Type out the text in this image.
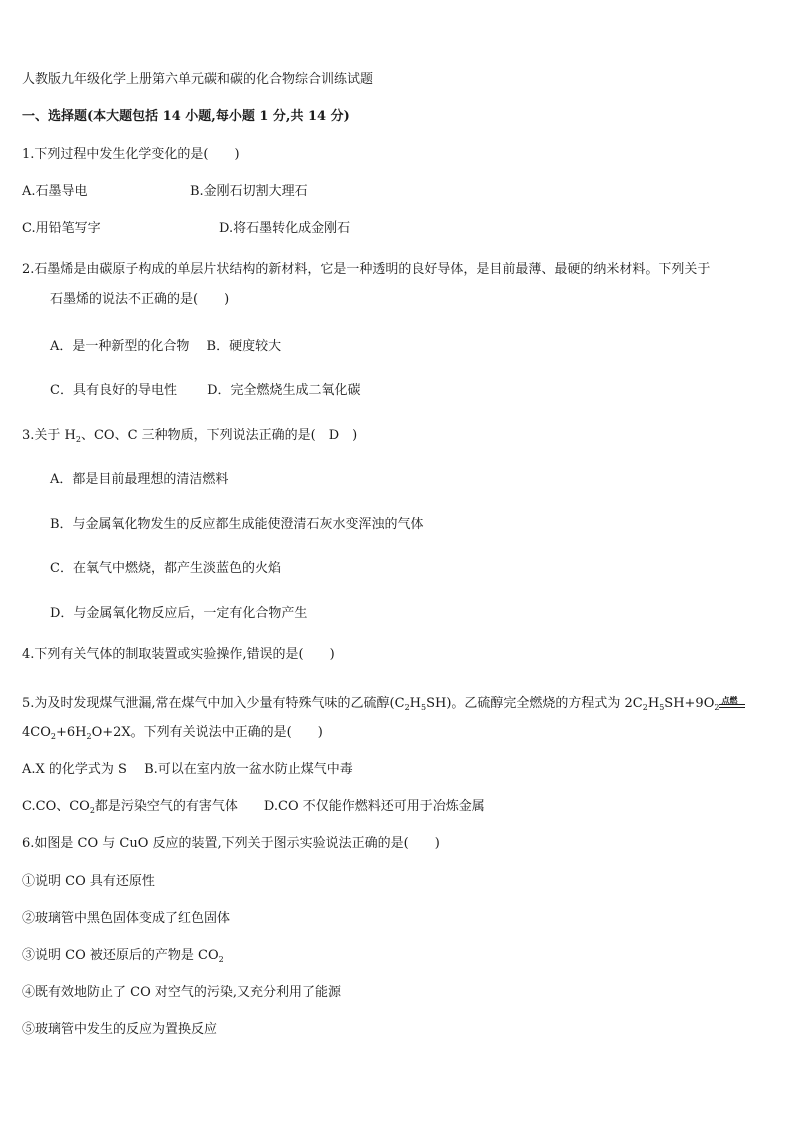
人教版九年级化学上册第六单元碳和碳的化合物综合训练试题
一、选择题(本大题包括 14 小题,每小题 1 分,共 14 分)
1.下列过程中发生化学变化的是(　　)
A.石墨导电	B.金刚石切割大理石
C.用铅笔写字	D.将石墨转化成金刚石
2.石墨烯是由碳原子构成的单层片状结构的新材料，它是一种透明的良好导体，是目前最薄、最硬的纳米材料。下列关于
石墨烯的说法不正确的是(　　)
A．是一种新型的化合物　 B．硬度较大
C．具有良好的导电性　　 D．完全燃烧生成二氧化碳
3.关于 $H_2$、CO、C 三种物质，下列说法正确的是(　D　)
A．都是目前最理想的清洁燃料
B．与金属氧化物发生的反应都生成能使澄清石灰水变浑浊的气体
C．在氧气中燃烧，都产生淡蓝色的火焰
D．与金属氧化物反应后，一定有化合物产生
4.下列有关气体的制取装置或实验操作,错误的是(　　)
5.为及时发现煤气泄漏,常在煤气中加入少量有特殊气味的乙硫醇$(C_2H_5SH)$。乙硫醇完全燃烧的方程式为 $2C_2H_5SH+9O_2$
点燃
$4CO_2+6H_2O+2X$。下列有关说法中正确的是(　　)
A.X 的化学式为 S　 B.可以在室内放一盆水防止煤气中毒
C.CO、$CO_2$都是污染空气的有害气体　　D.CO 不仅能作燃料还可用于冶炼金属
6.如图是 CO 与 CuO 反应的装置,下列关于图示实验说法正确的是(　　)
①说明 CO 具有还原性
②玻璃管中黑色固体变成了红色固体
③说明 CO 被还原后的产物是 $CO_2$
④既有效地防止了 CO 对空气的污染,又充分利用了能源
⑤玻璃管中发生的反应为置换反应
